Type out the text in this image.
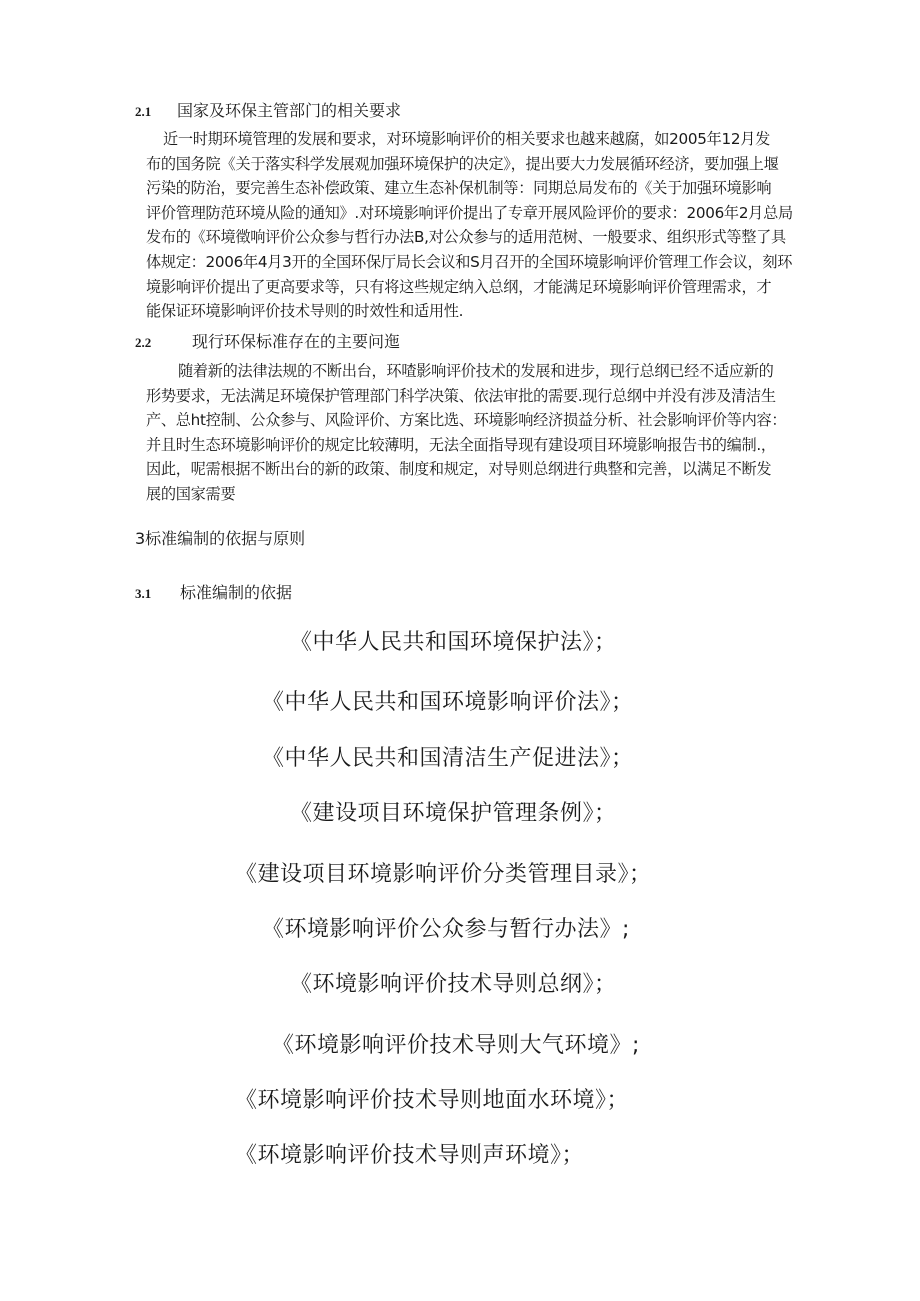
2.1	国家及环保主管部门的相关要求
近一时期环境管理的发展和要求，对环境影响评价的相关要求也越来越腐，如2005年12月发
布的国务院《关于落实科学发展观加强环境保护的决定》，提出要大力发展循环经济，要加强上堰
污染的防治，要完善生态补偿政策、建立生态补保机制等：同期总局发布的《关于加强环境影响
评价管理防范环境从险的通知》.对环境影响评价提出了专章开展风险评价的要求：2006年2月总局
发布的《环境徵响评价公众参与哲行办法B,对公众参与的适用范树、一般要求、组织形式等整了具
体规定：2006年4月3开的全国环保厅局长会议和S月召开的全国环境影响评价管理工作会议，刻环
境影响评价提出了更高要求等，只有将这些规定纳入总纲，才能满足环境影响评价管理需求，才
能保证环境影响评价技术导则的时效性和适用性.
2.2	现行环保标准存在的主要问迤
随着新的法律法规的不断出台，环喳影响评价技术的发展和进步，现行总纲已经不适应新的
形势要求，无法满足环境保护管理部门科学决策、依法审批的需要.现行总纲中并没有涉及清洁生
产、总ht控制、公众参与、风险评价、方案比选、环境影响经济损益分析、社会影响评价等内容：
并且时生态环境影响评价的规定比较薄明，无法全面指导现有建设项目环境影响报告书的编制.，
因此，呢需根据不断出台的新的政策、制度和规定，对导则总纲进行典整和完善，以满足不断发
展的国家需要
3标准编制的依据与原则
3.1	标准编制的依据
《中华人民共和国环境保护法》；
《中华人民共和国环境影响评价法》；
《中华人民共和国清洁生产促进法》；
《建设项目环境保护管理条例》；
《建设项目环境影响评价分类管理目录》；
《环境影响评价公众参与暂行办法》;
《环境影响评价技术导则总纲》；
《环境影响评价技术导则大气环境》;
《环境影响评价技术导则地面水环境》；
《环境影响评价技术导则声环境》；
